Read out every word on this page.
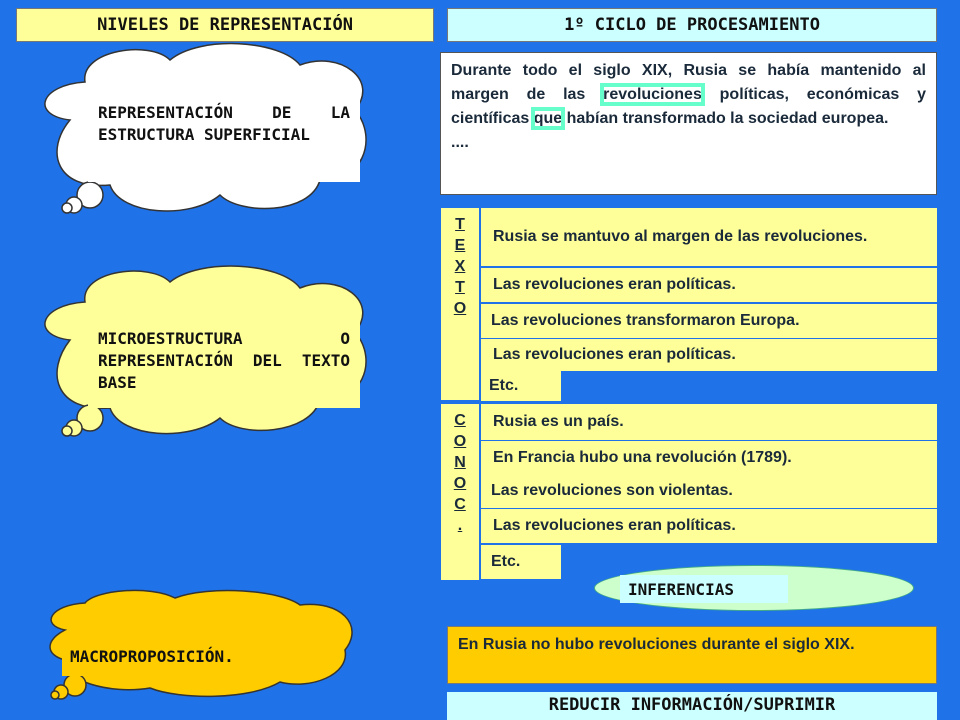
NIVELES DE REPRESENTACIÓN	1º CICLO DE PROCESAMIENTO
REPRESENTACIÓN DE LA ESTRUCTURA SUPERFICIAL
MICROESTRUCTURA O REPRESENTACIÓN DEL TEXTO BASE
MACROPROPOSICIÓN.
Durante todo el siglo XIX, Rusia se había mantenido al margen de las revoluciones políticas, económicas y científicas que habían transformado la sociedad europea.
....
T
E
X
T
O
Rusia se mantuvo al margen de las revoluciones.
Las revoluciones eran políticas.
Las revoluciones transformaron Europa.
Las revoluciones eran políticas.
Etc.
C
O
N
O
C
.
Rusia es un país.
En Francia hubo una revolución (1789).
Las revoluciones son violentas.
Las revoluciones eran políticas.
Etc.
INFERENCIAS
En Rusia no hubo revoluciones durante el siglo XIX.
REDUCIR INFORMACIÓN/SUPRIMIR
